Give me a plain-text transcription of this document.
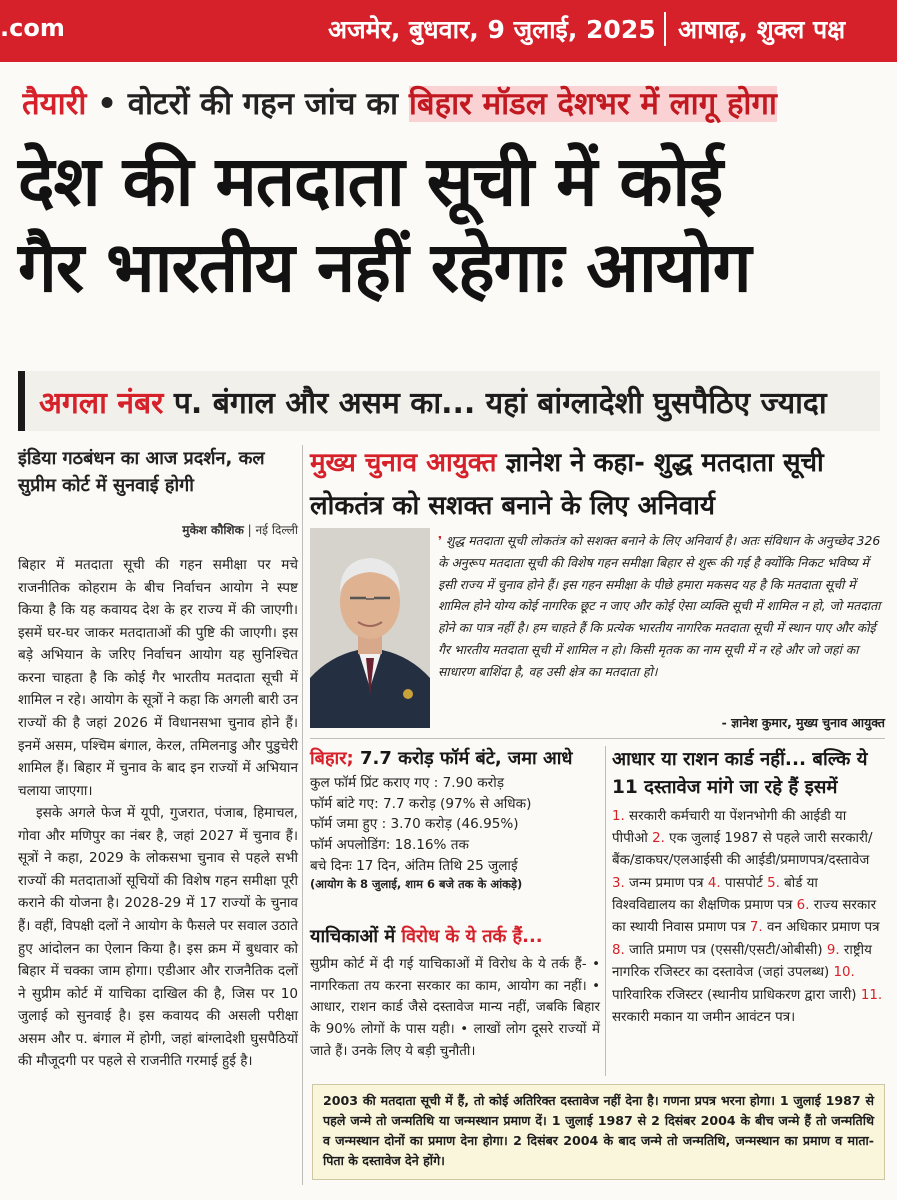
.com	अजमेर, बुधवार, 9 जुलाई, 2025 आषाढ़, शुक्ल पक्ष
तैयारी • वोटरों की गहन जांच का बिहार मॉडल देशभर में लागू होगा
देश की मतदाता सूची में कोई
गैर भारतीय नहीं रहेगाः आयोग
अगला नंबर प. बंगाल और असम का... यहां बांग्लादेशी घुसपैठिए ज्यादा
इंडिया गठबंधन का आज प्रदर्शन, कल सुप्रीम कोर्ट में सुनवाई होगी
मुकेश कौशिक | नई दिल्ली

बिहार में मतदाता सूची की गहन समीक्षा पर मचे राजनीतिक कोहराम के बीच निर्वाचन आयोग ने स्पष्ट किया है कि यह कवायद देश के हर राज्य में की जाएगी। इसमें घर-घर जाकर मतदाताओं की पुष्टि की जाएगी। इस बड़े अभियान के जरिए निर्वाचन आयोग यह सुनिश्चित करना चाहता है कि कोई गैर भारतीय मतदाता सूची में शामिल न रहे। आयोग के सूत्रों ने कहा कि अगली बारी उन राज्यों की है जहां 2026 में विधानसभा चुनाव होने हैं। इनमें असम, पश्चिम बंगाल, केरल, तमिलनाडु और पुडुचेरी शामिल हैं। बिहार में चुनाव के बाद इन राज्यों में अभियान चलाया जाएगा।

इसके अगले फेज में यूपी, गुजरात, पंजाब, हिमाचल, गोवा और मणिपुर का नंबर है, जहां 2027 में चुनाव हैं। सूत्रों ने कहा, 2029 के लोकसभा चुनाव से पहले सभी राज्यों की मतदाताओं सूचियों की विशेष गहन समीक्षा पूरी कराने की योजना है। 2028-29 में 17 राज्यों के चुनाव हैं। वहीं, विपक्षी दलों ने आयोग के फैसले पर सवाल उठाते हुए आंदोलन का ऐलान किया है। इस क्रम में बुधवार को बिहार में चक्का जाम होगा। एडीआर और राजनैतिक दलों ने सुप्रीम कोर्ट में याचिका दाखिल की है, जिस पर 10 जुलाई को सुनवाई है। इस कवायद की असली परीक्षा असम और प. बंगाल में होगी, जहां बांग्लादेशी घुसपैठियों की मौजूदगी पर पहले से राजनीति गरमाई हुई है।

मुख्य चुनाव आयुक्त ज्ञानेश ने कहा- शुद्ध मतदाता सूची लोकतंत्र को सशक्त बनाने के लिए अनिवार्य
❜ शुद्ध मतदाता सूची लोकतंत्र को सशक्त बनाने के लिए अनिवार्य है। अतः संविधान के अनुच्छेद 326 के अनुरूप मतदाता सूची की विशेष गहन समीक्षा बिहार से शुरू की गई है क्योंकि निकट भविष्य में इसी राज्य में चुनाव होने हैं। इस गहन समीक्षा के पीछे हमारा मकसद यह है कि मतदाता सूची में शामिल होने योग्य कोई नागरिक छूट न जाए और कोई ऐसा व्यक्ति सूची में शामिल न हो, जो मतदाता होने का पात्र नहीं है। हम चाहते हैं कि प्रत्येक भारतीय नागरिक मतदाता सूची में स्थान पाए और कोई गैर भारतीय मतदाता सूची में शामिल न हो। किसी मृतक का नाम सूची में न रहे और जो जहां का साधारण बाशिंदा है, वह उसी क्षेत्र का मतदाता हो।
- ज्ञानेश कुमार, मुख्य चुनाव आयुक्त
बिहार; 7.7 करोड़ फॉर्म बंटे, जमा आधे
कुल फॉर्म प्रिंट कराए गए : 7.90 करोड़
फॉर्म बांटे गए: 7.7 करोड़ (97% से अधिक)
फॉर्म जमा हुए : 3.70 करोड़ (46.95%)
फॉर्म अपलोडिंग: 18.16% तक
बचे दिनः 17 दिन, अंतिम तिथि 25 जुलाई
(आयोग के 8 जुलाई, शाम 6 बजे तक के आंकड़े)
याचिकाओं में विरोध के ये तर्क हैं...
सुप्रीम कोर्ट में दी गई याचिकाओं में विरोध के ये तर्क हैं- • नागरिकता तय करना सरकार का काम, आयोग का नहीं। • आधार, राशन कार्ड जैसे दस्तावेज मान्य नहीं, जबकि बिहार के 90% लोगों के पास यही। • लाखों लोग दूसरे राज्यों में जाते हैं। उनके लिए ये बड़ी चुनौती।
आधार या राशन कार्ड नहीं... बल्कि ये 11 दस्तावेज मांगे जा रहे हैं इसमें
1. सरकारी कर्मचारी या पेंशनभोगी की आईडी या पीपीओ 2. एक जुलाई 1987 से पहले जारी सरकारी/बैंक/डाकघर/एलआईसी की आईडी/प्रमाणपत्र/दस्तावेज 3. जन्म प्रमाण पत्र 4. पासपोर्ट 5. बोर्ड या विश्वविद्यालय का शैक्षणिक प्रमाण पत्र 6. राज्य सरकार का स्थायी निवास प्रमाण पत्र 7. वन अधिकार प्रमाण पत्र 8. जाति प्रमाण पत्र (एससी/एसटी/ओबीसी) 9. राष्ट्रीय नागरिक रजिस्टर का दस्तावेज (जहां उपलब्ध) 10. पारिवारिक रजिस्टर (स्थानीय प्राधिकरण द्वारा जारी) 11. सरकारी मकान या जमीन आवंटन पत्र।
2003 की मतदाता सूची में हैं, तो कोई अतिरिक्त दस्तावेज नहीं देना है। गणना प्रपत्र भरना होगा। 1 जुलाई 1987 से पहले जन्मे तो जन्मतिथि या जन्मस्थान प्रमाण दें। 1 जुलाई 1987 से 2 दिसंबर 2004 के बीच जन्मे हैं तो जन्मतिथि व जन्मस्थान दोनों का प्रमाण देना होगा। 2 दिसंबर 2004 के बाद जन्मे तो जन्मतिथि, जन्मस्थान का प्रमाण व माता-पिता के दस्तावेज देने होंगे।
